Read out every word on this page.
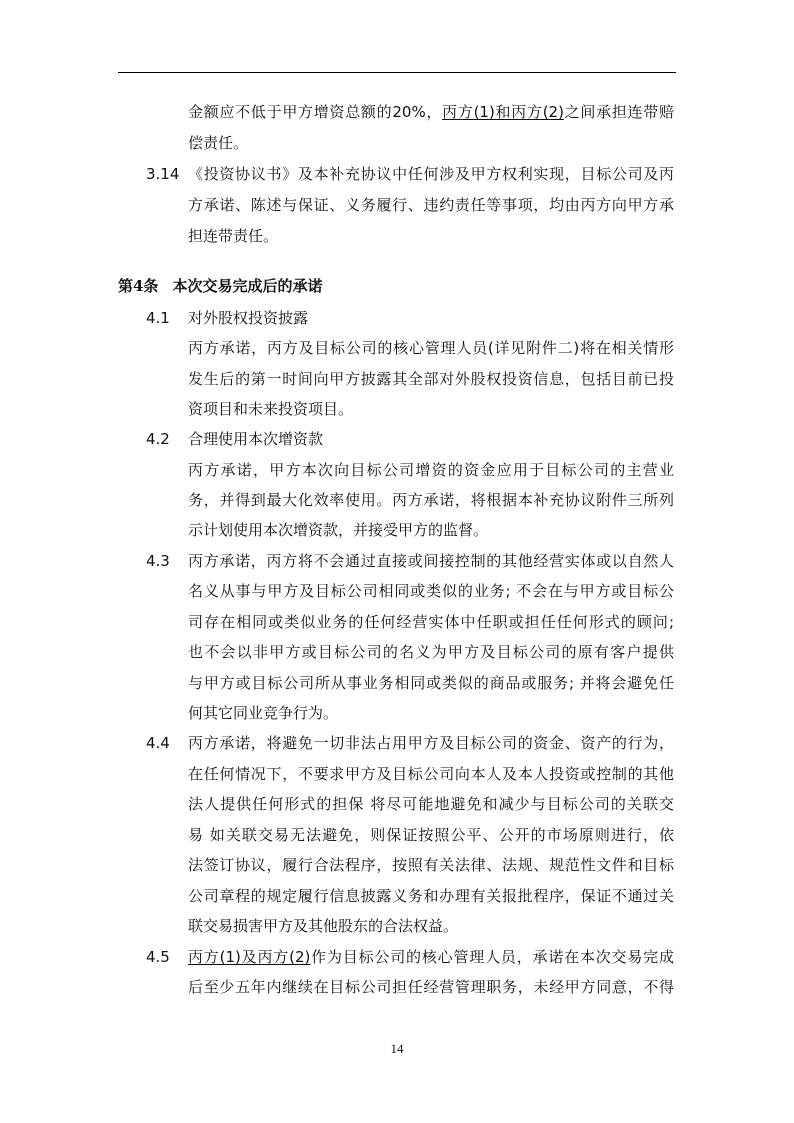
金额应不低于甲方增资总额的20%，丙方(1)和丙方(2)之间承担连带赔
偿责任。
3.14 《投资协议书》及本补充协议中任何涉及甲方权利实现，目标公司及丙
方承诺、陈述与保证、义务履行、违约责任等事项，均由丙方向甲方承
担连带责任。
第4条 本次交易完成后的承诺
4.1 对外股权投资披露
丙方承诺，丙方及目标公司的核心管理人员(详见附件二)将在相关情形
发生后的第一时间向甲方披露其全部对外股权投资信息，包括目前已投
资项目和未来投资项目。
4.2 合理使用本次增资款
丙方承诺，甲方本次向目标公司增资的资金应用于目标公司的主营业
务，并得到最大化效率使用。丙方承诺，将根据本补充协议附件三所列
示计划使用本次增资款，并接受甲方的监督。
4.3 丙方承诺，丙方将不会通过直接或间接控制的其他经营实体或以自然人
名义从事与甲方及目标公司相同或类似的业务; 不会在与甲方或目标公
司存在相同或类似业务的任何经营实体中任职或担任任何形式的顾问;
也不会以非甲方或目标公司的名义为甲方及目标公司的原有客户提供
与甲方或目标公司所从事业务相同或类似的商品或服务; 并将会避免任
何其它同业竞争行为。
4.4 丙方承诺，将避免一切非法占用甲方及目标公司的资金、资产的行为，
在任何情况下，不要求甲方及目标公司向本人及本人投资或控制的其他
法人提供任何形式的担保 将尽可能地避免和减少与目标公司的关联交
易 如关联交易无法避免，则保证按照公平、公开的市场原则进行，依
法签订协议，履行合法程序，按照有关法律、法规、规范性文件和目标
公司章程的规定履行信息披露义务和办理有关报批程序，保证不通过关
联交易损害甲方及其他股东的合法权益。
4.5 丙方(1)及丙方(2)作为目标公司的核心管理人员，承诺在本次交易完成
后至少五年内继续在目标公司担任经营管理职务，未经甲方同意，不得
14
